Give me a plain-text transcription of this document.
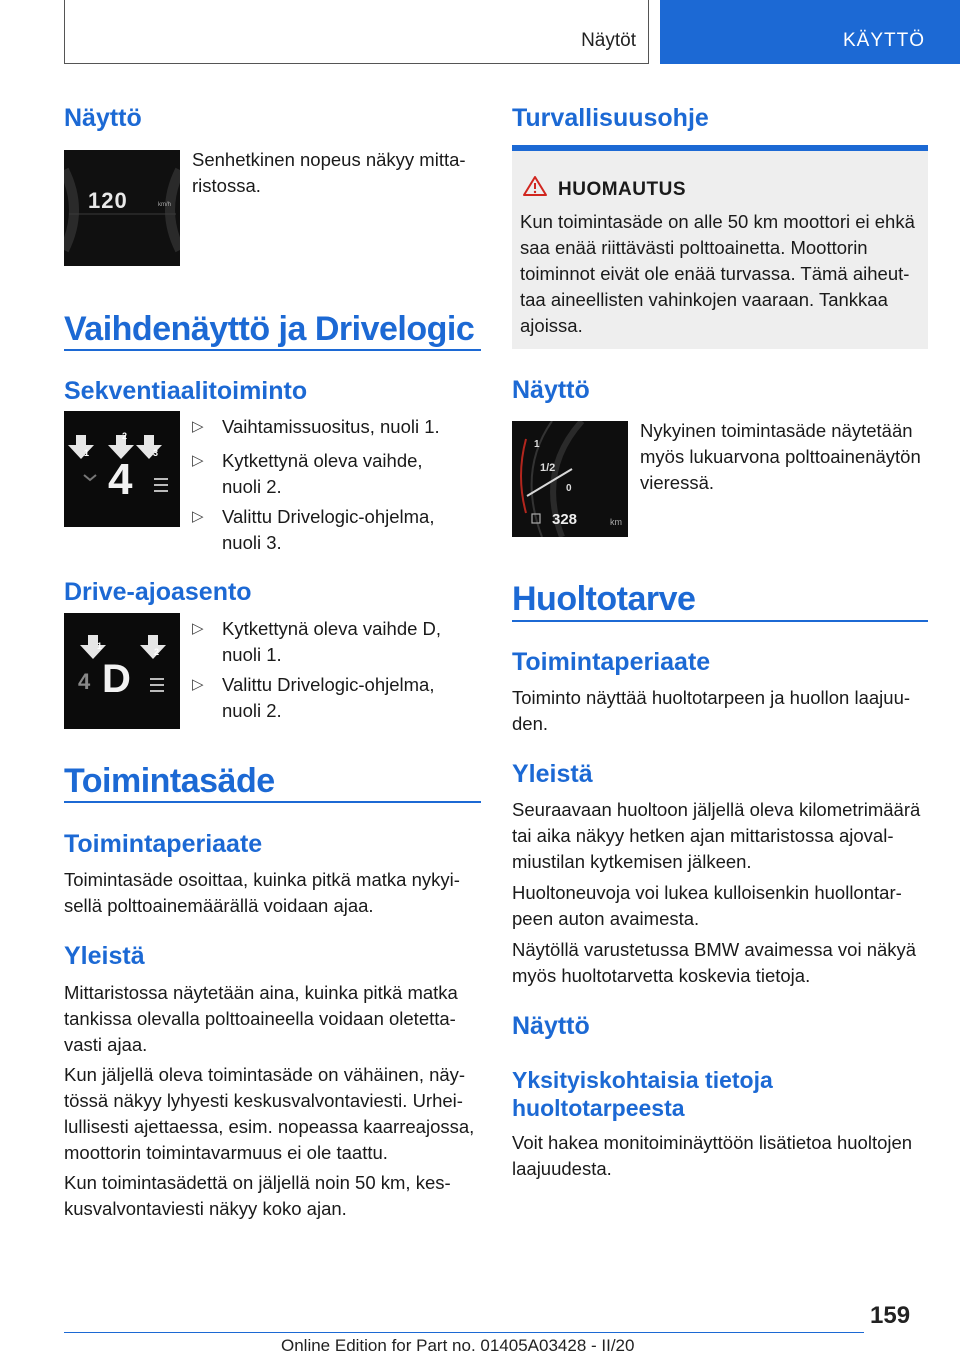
Näytöt	KÄYTTÖ
Näyttö
120	km/h
Senhetkinen nopeus näkyy mitta-ristossa.
Vaihdenäyttö ja Drivelogic
Sekventiaalitoiminto
1
2
3
4
▷ Vaihtamissuositus, nuoli 1.
▷ Kytkettynä oleva vaihde, nuoli 2.
▷ Valittu Drivelogic-ohjelma, nuoli 3.
Drive-ajoasento
1
2
4 D
▷ Kytkettynä oleva vaihde D, nuoli 1.
▷ Valittu Drivelogic-ohjelma, nuoli 2.
Toimintasäde
Toimintaperiaate
Toimintasäde osoittaa, kuinka pitkä matka nykyi-sellä polttoainemäärällä voidaan ajaa.
Yleistä
Mittaristossa näytetään aina, kuinka pitkä matka tankissa olevalla polttoaineella voidaan oletetta-vasti ajaa.
Kun jäljellä oleva toimintasäde on vähäinen, näy-tössä näkyy lyhyesti keskusvalvontaviesti. Urhei-lullisesti ajettaessa, esim. nopeassa kaarreajossa, moottorin toimintavarmuus ei ole taattu.
Kun toimintasädettä on jäljellä noin 50 km, kes-kusvalvontaviesti näkyy koko ajan.
Turvallisuusohje
HUOMAUTUS
Kun toimintasäde on alle 50 km moottori ei ehkä saa enää riittävästi polttoainetta. Moottorin toiminnot eivät ole enää turvassa. Tämä aiheut-taa aineellisten vahinkojen vaaraan. Tankkaa ajoissa.
Näyttö
1
1/2
0
328	km
Nykyinen toimintasäde näytetään myös lukuarvona polttoainenäytön vieressä.
Huoltotarve
Toimintaperiaate
Toiminto näyttää huoltotarpeen ja huollon laajuu-den.
Yleistä
Seuraavaan huoltoon jäljellä oleva kilometrimäärä tai aika näkyy hetken ajan mittaristossa ajoval-miustilan kytkemisen jälkeen.
Huoltoneuvoja voi lukea kulloisenkin huollontar-peen auton avaimesta.
Näytöllä varustetussa BMW avaimessa voi näkyä myös huoltotarvetta koskevia tietoja.
Näyttö
Yksityiskohtaisia tietoja huoltotarpeesta
Voit hakea monitoiminäyttöön lisätietoa huoltojen laajuudesta.
159
Online Edition for Part no. 01405A03428 - II/20
